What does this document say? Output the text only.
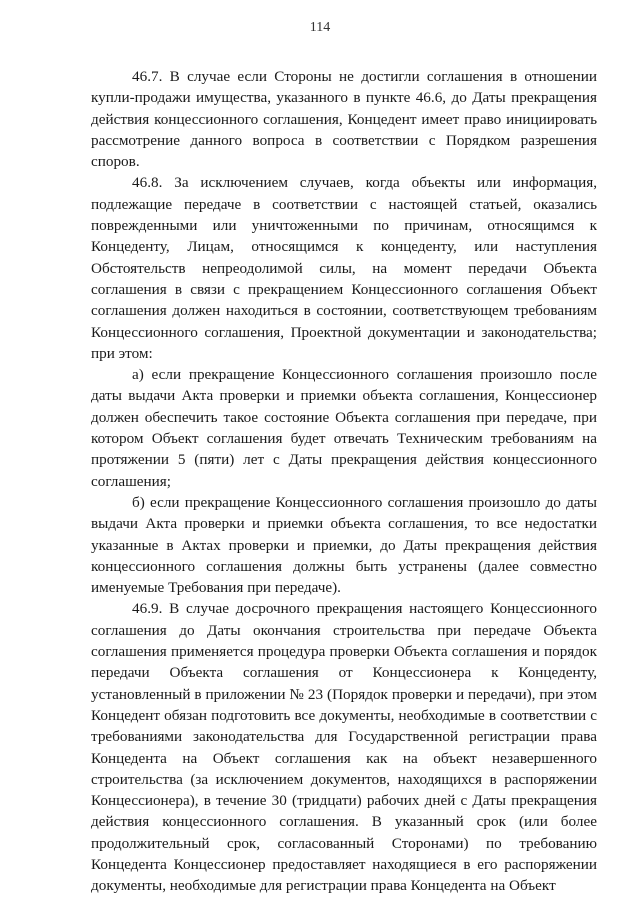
114

46.7. В случае если Стороны не достигли соглашения в отношении купли-продажи имущества, указанного в пункте 46.6, до Даты прекращения действия концессионного соглашения, Концедент имеет право инициировать рассмотрение данного вопроса в соответствии с Порядком разрешения споров.

46.8. За исключением случаев, когда объекты или информация, подлежащие передаче в соответствии с настоящей статьей, оказались поврежденными или уничтоженными по причинам, относящимся к Концеденту, Лицам, относящимся к концеденту, или наступления Обстоятельств непреодолимой силы, на момент передачи Объекта соглашения в связи с прекращением Концессионного соглашения Объект соглашения должен находиться в состоянии, соответствующем требованиям Концессионного соглашения, Проектной документации и законодательства; при этом:

а) если прекращение Концессионного соглашения произошло после даты выдачи Акта проверки и приемки объекта соглашения, Концессионер должен обеспечить такое состояние Объекта соглашения при передаче, при котором Объект соглашения будет отвечать Техническим требованиям на протяжении 5 (пяти) лет с Даты прекращения действия концессионного соглашения;

б) если прекращение Концессионного соглашения произошло до даты выдачи Акта проверки и приемки объекта соглашения, то все недостатки указанные в Актах проверки и приемки, до Даты прекращения действия концессионного соглашения должны быть устранены (далее совместно именуемые Требования при передаче).

46.9. В случае досрочного прекращения настоящего Концессионного соглашения до Даты окончания строительства при передаче Объекта соглашения применяется процедура проверки Объекта соглашения и порядок передачи Объекта соглашения от Концессионера к Концеденту, установленный в приложении № 23 (Порядок проверки и передачи), при этом Концедент обязан подготовить все документы, необходимые в соответствии с требованиями законодательства для Государственной регистрации права Концедента на Объект соглашения как на объект незавершенного строительства (за исключением документов, находящихся в распоряжении Концессионера), в течение 30 (тридцати) рабочих дней с Даты прекращения действия концессионного соглашения. В указанный срок (или более продолжительный срок, согласованный Сторонами) по требованию Концедента Концессионер предоставляет находящиеся в его распоряжении документы, необходимые для регистрации права Концедента на Объект
